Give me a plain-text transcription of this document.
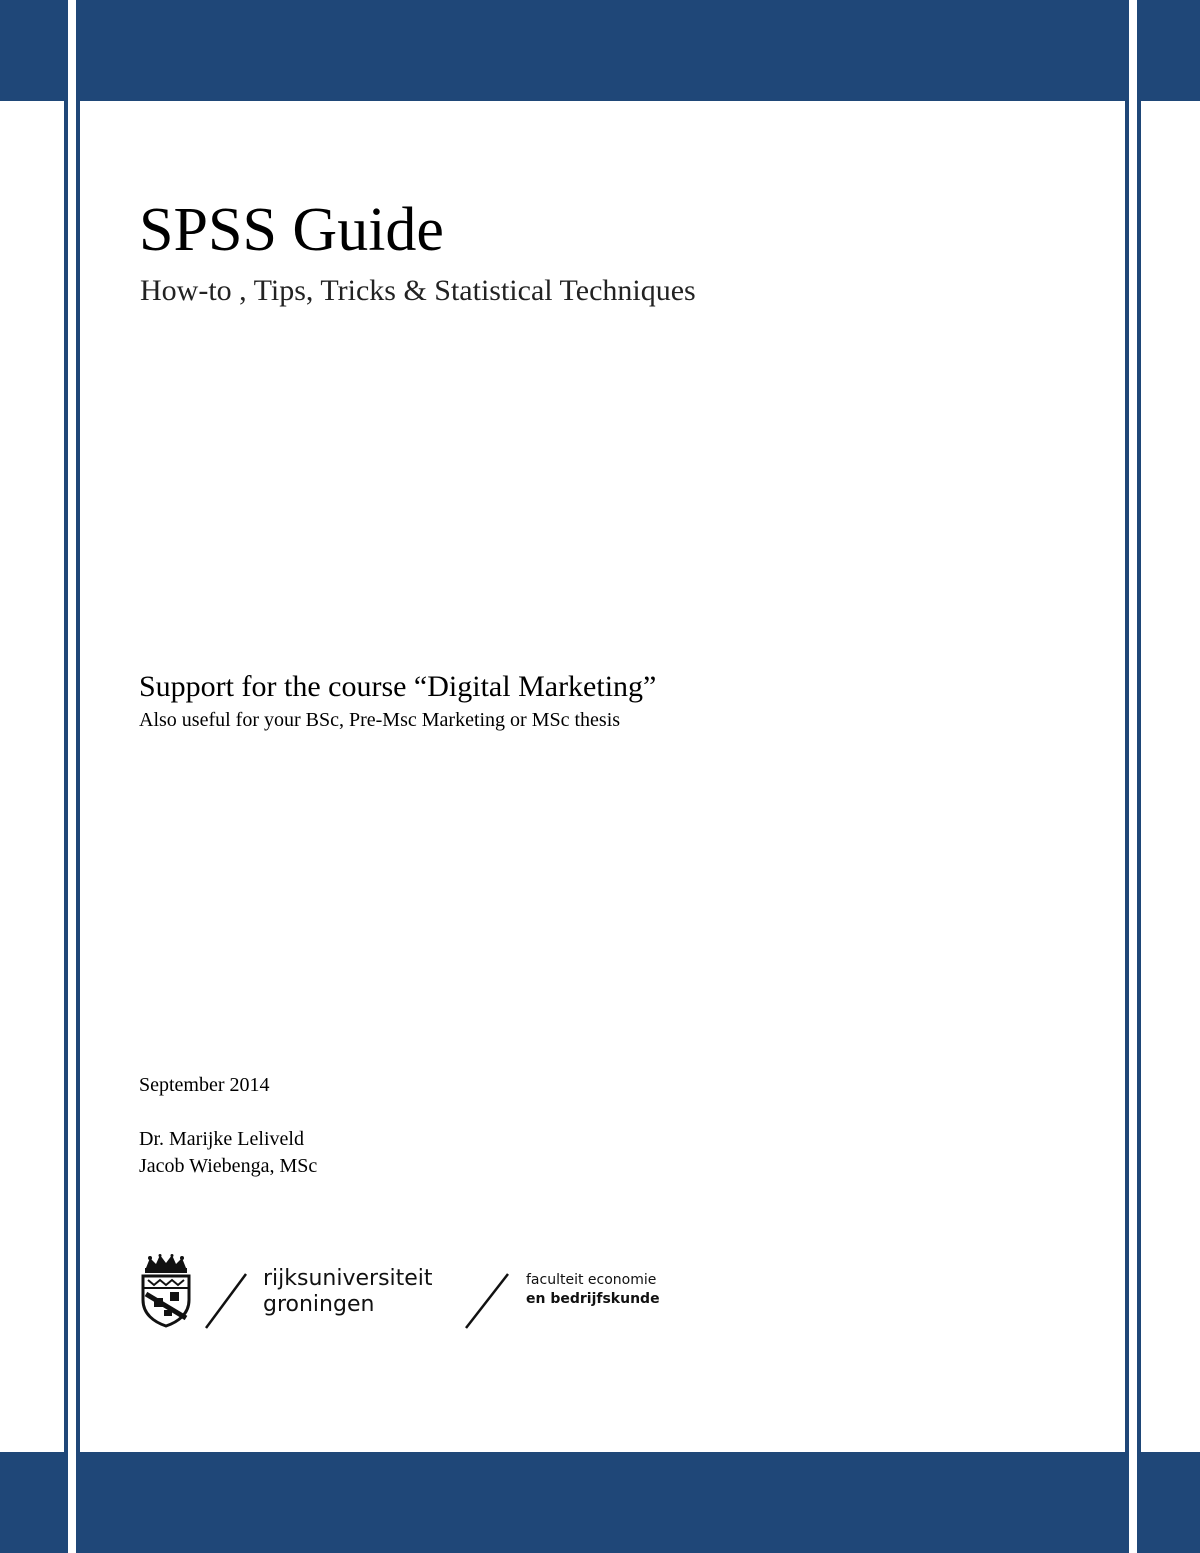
SPSS Guide
How-to , Tips, Tricks & Statistical Techniques
Support for the course “Digital Marketing”
Also useful for your BSc, Pre-Msc Marketing or MSc thesis
September 2014
Dr. Marijke Leliveld
Jacob Wiebenga, MSc
rijksuniversiteit
groningen
faculteit economie
en bedrijfskunde
